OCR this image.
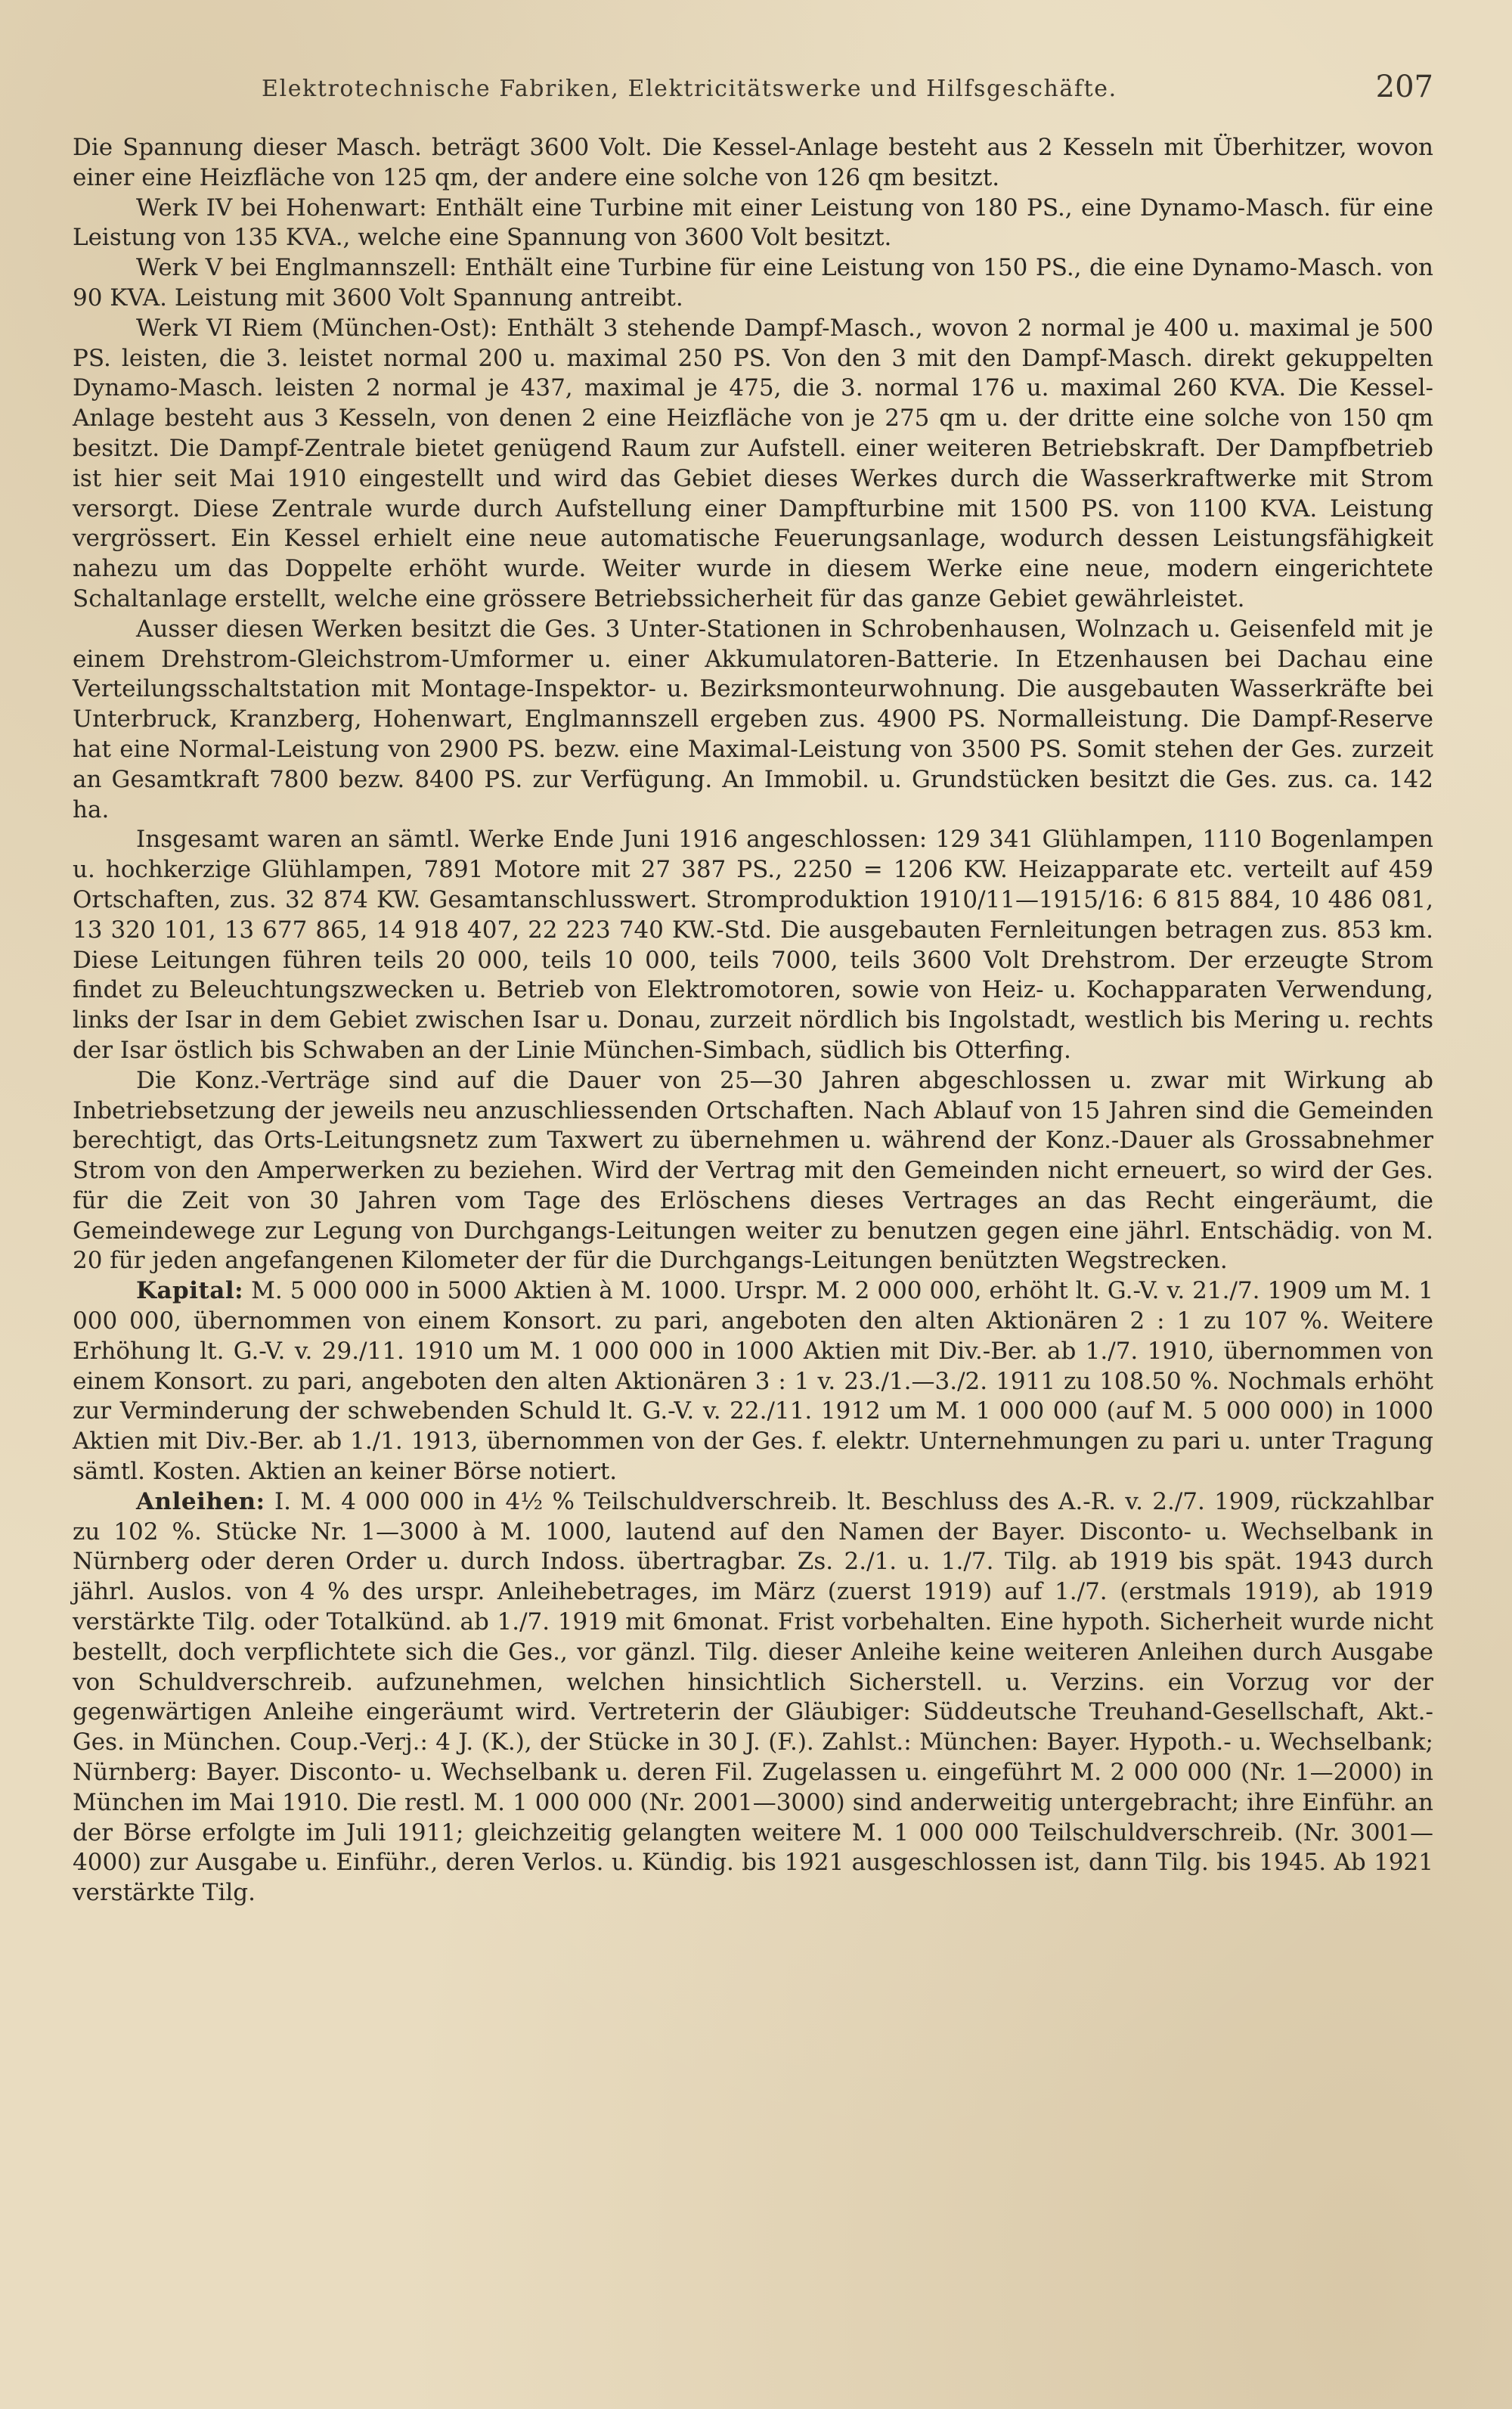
Elektrotechnische Fabriken, Elektricitätswerke und Hilfsgeschäfte.	207

Die Spannung dieser Masch. beträgt 3600 Volt. Die Kessel-Anlage besteht aus 2 Kesseln mit Überhitzer, wovon einer eine Heizfläche von 125 qm, der andere eine solche von 126 qm besitzt.

Werk IV bei Hohenwart: Enthält eine Turbine mit einer Leistung von 180 PS., eine Dynamo-Masch. für eine Leistung von 135 KVA., welche eine Spannung von 3600 Volt besitzt.

Werk V bei Englmannszell: Enthält eine Turbine für eine Leistung von 150 PS., die eine Dynamo-Masch. von 90 KVA. Leistung mit 3600 Volt Spannung antreibt.

Werk VI Riem (München-Ost): Enthält 3 stehende Dampf-Masch., wovon 2 normal je 400 u. maximal je 500 PS. leisten, die 3. leistet normal 200 u. maximal 250 PS. Von den 3 mit den Dampf-Masch. direkt gekuppelten Dynamo-Masch. leisten 2 normal je 437, maximal je 475, die 3. normal 176 u. maximal 260 KVA. Die Kessel-Anlage besteht aus 3 Kesseln, von denen 2 eine Heizfläche von je 275 qm u. der dritte eine solche von 150 qm besitzt. Die Dampf-Zentrale bietet genügend Raum zur Aufstell. einer weiteren Betriebskraft. Der Dampfbetrieb ist hier seit Mai 1910 eingestellt und wird das Gebiet dieses Werkes durch die Wasserkraftwerke mit Strom versorgt. Diese Zentrale wurde durch Aufstellung einer Dampfturbine mit 1500 PS. von 1100 KVA. Leistung vergrössert. Ein Kessel erhielt eine neue automatische Feuerungsanlage, wodurch dessen Leistungsfähigkeit nahezu um das Doppelte erhöht wurde. Weiter wurde in diesem Werke eine neue, modern eingerichtete Schaltanlage erstellt, welche eine grössere Betriebssicherheit für das ganze Gebiet gewährleistet.

Ausser diesen Werken besitzt die Ges. 3 Unter-Stationen in Schrobenhausen, Wolnzach u. Geisenfeld mit je einem Drehstrom-Gleichstrom-Umformer u. einer Akkumulatoren-Batterie. In Etzenhausen bei Dachau eine Verteilungsschaltstation mit Montage-Inspektor- u. Bezirksmonteurwohnung. Die ausgebauten Wasserkräfte bei Unterbruck, Kranzberg, Hohenwart, Englmannszell ergeben zus. 4900 PS. Normalleistung. Die Dampf-Reserve hat eine Normal-Leistung von 2900 PS. bezw. eine Maximal-Leistung von 3500 PS. Somit stehen der Ges. zurzeit an Gesamtkraft 7800 bezw. 8400 PS. zur Verfügung. An Immobil. u. Grundstücken besitzt die Ges. zus. ca. 142 ha.

Insgesamt waren an sämtl. Werke Ende Juni 1916 angeschlossen: 129 341 Glühlampen, 1110 Bogenlampen u. hochkerzige Glühlampen, 7891 Motore mit 27 387 PS., 2250 = 1206 KW. Heizapparate etc. verteilt auf 459 Ortschaften, zus. 32 874 KW. Gesamtanschlusswert. Stromproduktion 1910/11—1915/16: 6 815 884, 10 486 081, 13 320 101, 13 677 865, 14 918 407, 22 223 740 KW.-Std. Die ausgebauten Fernleitungen betragen zus. 853 km. Diese Leitungen führen teils 20 000, teils 10 000, teils 7000, teils 3600 Volt Drehstrom. Der erzeugte Strom findet zu Beleuchtungszwecken u. Betrieb von Elektromotoren, sowie von Heiz- u. Kochapparaten Verwendung, links der Isar in dem Gebiet zwischen Isar u. Donau, zurzeit nördlich bis Ingolstadt, westlich bis Mering u. rechts der Isar östlich bis Schwaben an der Linie München-Simbach, südlich bis Otterfing.

Die Konz.-Verträge sind auf die Dauer von 25—30 Jahren abgeschlossen u. zwar mit Wirkung ab Inbetriebsetzung der jeweils neu anzuschliessenden Ortschaften. Nach Ablauf von 15 Jahren sind die Gemeinden berechtigt, das Orts-Leitungsnetz zum Taxwert zu übernehmen u. während der Konz.-Dauer als Grossabnehmer Strom von den Amperwerken zu beziehen. Wird der Vertrag mit den Gemeinden nicht erneuert, so wird der Ges. für die Zeit von 30 Jahren vom Tage des Erlöschens dieses Vertrages an das Recht eingeräumt, die Gemeindewege zur Legung von Durchgangs-Leitungen weiter zu benutzen gegen eine jährl. Entschädig. von M. 20 für jeden angefangenen Kilometer der für die Durchgangs-Leitungen benützten Wegstrecken.

Kapital: M. 5 000 000 in 5000 Aktien à M. 1000. Urspr. M. 2 000 000, erhöht lt. G.-V. v. 21./7. 1909 um M. 1 000 000, übernommen von einem Konsort. zu pari, angeboten den alten Aktionären 2 : 1 zu 107 %. Weitere Erhöhung lt. G.-V. v. 29./11. 1910 um M. 1 000 000 in 1000 Aktien mit Div.-Ber. ab 1./7. 1910, übernommen von einem Konsort. zu pari, angeboten den alten Aktionären 3 : 1 v. 23./1.—3./2. 1911 zu 108.50 %. Nochmals erhöht zur Verminderung der schwebenden Schuld lt. G.-V. v. 22./11. 1912 um M. 1 000 000 (auf M. 5 000 000) in 1000 Aktien mit Div.-Ber. ab 1./1. 1913, übernommen von der Ges. f. elektr. Unternehmungen zu pari u. unter Tragung sämtl. Kosten. Aktien an keiner Börse notiert.

Anleihen: I. M. 4 000 000 in 4½ % Teilschuldverschreib. lt. Beschluss des A.-R. v. 2./7. 1909, rückzahlbar zu 102 %. Stücke Nr. 1—3000 à M. 1000, lautend auf den Namen der Bayer. Disconto- u. Wechselbank in Nürnberg oder deren Order u. durch Indoss. übertragbar. Zs. 2./1. u. 1./7. Tilg. ab 1919 bis spät. 1943 durch jährl. Auslos. von 4 % des urspr. Anleihebetrages, im März (zuerst 1919) auf 1./7. (erstmals 1919), ab 1919 verstärkte Tilg. oder Totalkünd. ab 1./7. 1919 mit 6monat. Frist vorbehalten. Eine hypoth. Sicherheit wurde nicht bestellt, doch verpflichtete sich die Ges., vor gänzl. Tilg. dieser Anleihe keine weiteren Anleihen durch Ausgabe von Schuldverschreib. aufzunehmen, welchen hinsichtlich Sicherstell. u. Verzins. ein Vorzug vor der gegenwärtigen Anleihe eingeräumt wird. Vertreterin der Gläubiger: Süddeutsche Treuhand-Gesellschaft, Akt.-Ges. in München. Coup.-Verj.: 4 J. (K.), der Stücke in 30 J. (F.). Zahlst.: München: Bayer. Hypoth.- u. Wechselbank; Nürnberg: Bayer. Disconto- u. Wechselbank u. deren Fil. Zugelassen u. eingeführt M. 2 000 000 (Nr. 1—2000) in München im Mai 1910. Die restl. M. 1 000 000 (Nr. 2001—3000) sind anderweitig untergebracht; ihre Einführ. an der Börse erfolgte im Juli 1911; gleichzeitig gelangten weitere M. 1 000 000 Teilschuldverschreib. (Nr. 3001—4000) zur Ausgabe u. Einführ., deren Verlos. u. Kündig. bis 1921 ausgeschlossen ist, dann Tilg. bis 1945. Ab 1921 verstärkte Tilg.
